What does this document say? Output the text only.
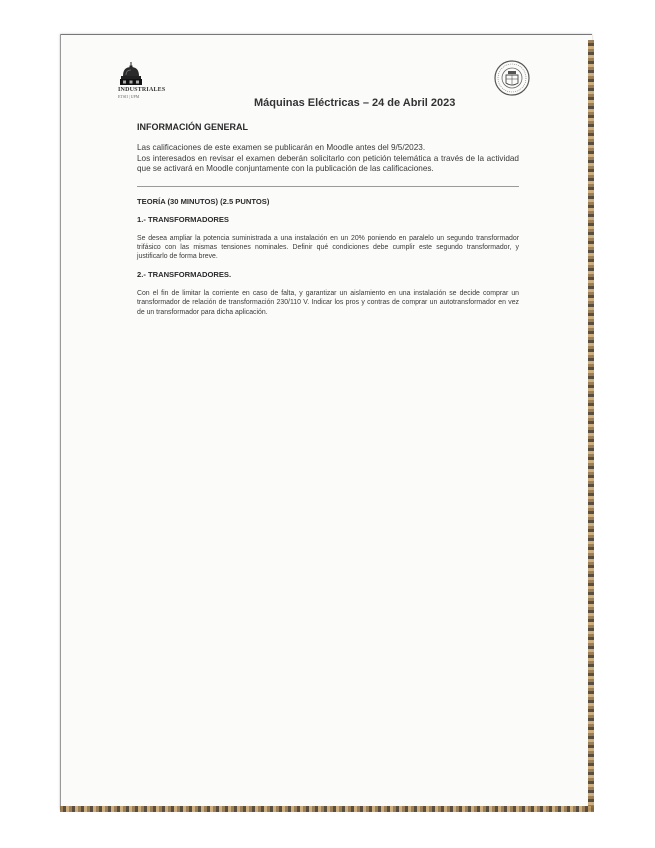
INDUSTRIALES
ETSII | UPM
Máquinas Eléctricas – 24 de Abril 2023
INFORMACIÓN GENERAL

Las calificaciones de este examen se publicarán en Moodle antes del 9/5/2023.

Los interesados en revisar el examen deberán solicitarlo con petición telemática a través de la actividad que se activará en Moodle conjuntamente con la publicación de las calificaciones.

TEORÍA (30 MINUTOS) (2.5 PUNTOS)
1.- TRANSFORMADORES

Se desea ampliar la potencia suministrada a una instalación en un 20% poniendo en paralelo un segundo transformador trifásico con las mismas tensiones nominales. Definir qué condiciones debe cumplir este segundo transformador, y justificarlo de forma breve.

2.- TRANSFORMADORES.

Con el fin de limitar la corriente en caso de falta, y garantizar un aislamiento en una instalación se decide comprar un transformador de relación de transformación 230/110 V. Indicar los pros y contras de comprar un autotransformador en vez de un transformador para dicha aplicación.
